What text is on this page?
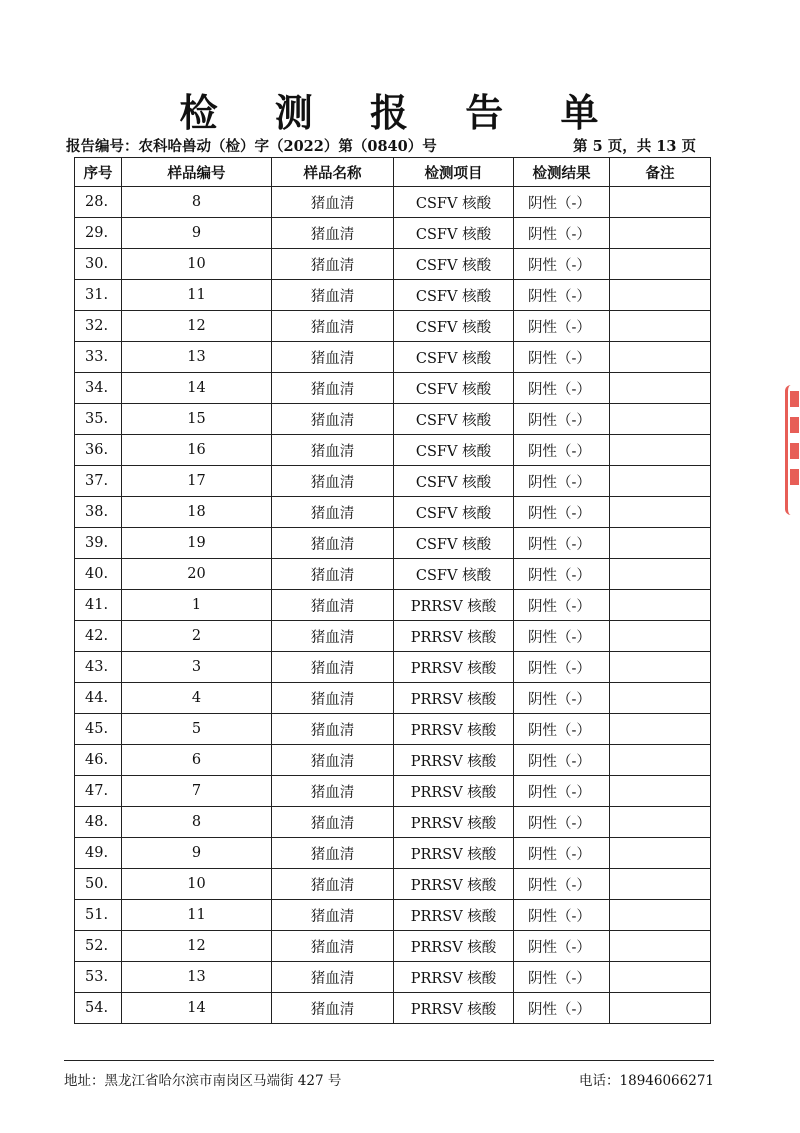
检 测 报 告 单
报告编号：农科哈兽动（检）字（2022）第（0840）号	第 5 页，共 13 页
序号	样品编号	样品名称	检测项目	检测结果	备注
28.	8	猪血清	CSFV 核酸	阴性（-）	
29.	9	猪血清	CSFV 核酸	阴性（-）	
30.	10	猪血清	CSFV 核酸	阴性（-）	
31.	11	猪血清	CSFV 核酸	阴性（-）	
32.	12	猪血清	CSFV 核酸	阴性（-）	
33.	13	猪血清	CSFV 核酸	阴性（-）	
34.	14	猪血清	CSFV 核酸	阴性（-）	
35.	15	猪血清	CSFV 核酸	阴性（-）	
36.	16	猪血清	CSFV 核酸	阴性（-）	
37.	17	猪血清	CSFV 核酸	阴性（-）	
38.	18	猪血清	CSFV 核酸	阴性（-）	
39.	19	猪血清	CSFV 核酸	阴性（-）	
40.	20	猪血清	CSFV 核酸	阴性（-）	
41.	1	猪血清	PRRSV 核酸	阴性（-）	
42.	2	猪血清	PRRSV 核酸	阴性（-）	
43.	3	猪血清	PRRSV 核酸	阴性（-）	
44.	4	猪血清	PRRSV 核酸	阴性（-）	
45.	5	猪血清	PRRSV 核酸	阴性（-）	
46.	6	猪血清	PRRSV 核酸	阴性（-）	
47.	7	猪血清	PRRSV 核酸	阴性（-）	
48.	8	猪血清	PRRSV 核酸	阴性（-）	
49.	9	猪血清	PRRSV 核酸	阴性（-）	
50.	10	猪血清	PRRSV 核酸	阴性（-）	
51.	11	猪血清	PRRSV 核酸	阴性（-）	
52.	12	猪血清	PRRSV 核酸	阴性（-）	
53.	13	猪血清	PRRSV 核酸	阴性（-）	
54.	14	猪血清	PRRSV 核酸	阴性（-）	
地址：黑龙江省哈尔滨市南岗区马端街 427 号	电话：18946066271
